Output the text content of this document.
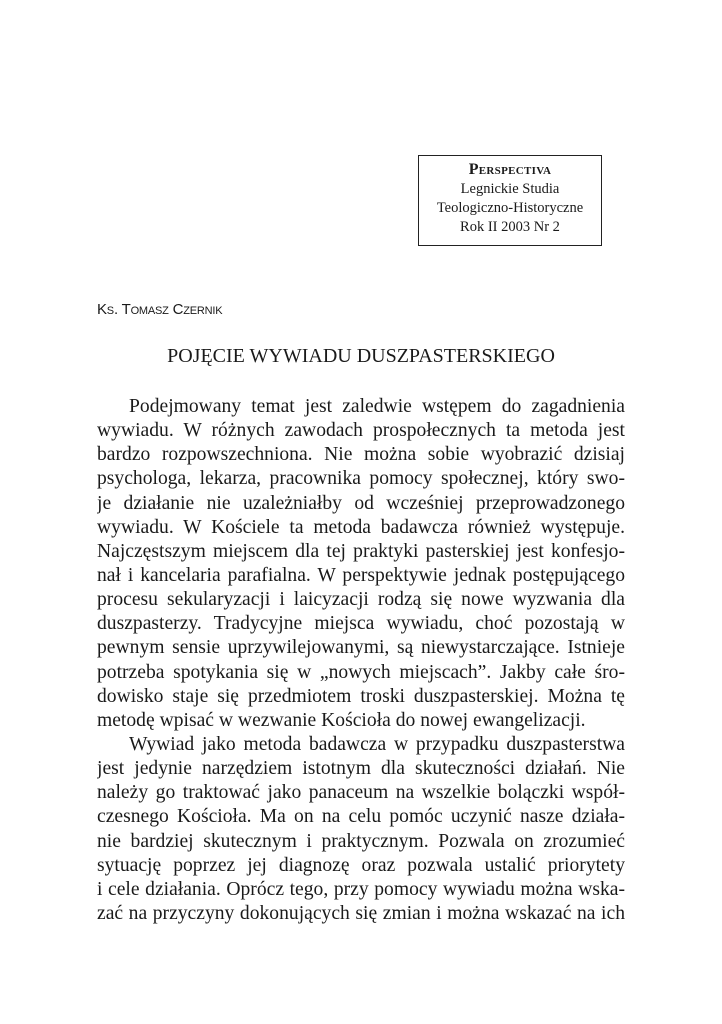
Perspectiva
Legnickie Studia
Teologiczno-Historyczne
Rok II 2003 Nr 2
Ks. Tomasz Czernik
POJĘCIE WYWIADU DUSZPASTERSKIEGO
Podejmowany temat jest zaledwie wstępem do zagadnienia
wywiadu. W różnych zawodach prospołecznych ta metoda jest
bardzo rozpowszechniona. Nie można sobie wyobrazić dzisiaj
psychologa, lekarza, pracownika pomocy społecznej, który swo-
je działanie nie uzależniałby od wcześniej przeprowadzonego
wywiadu. W Kościele ta metoda badawcza również występuje.
Najczęstszym miejscem dla tej praktyki pasterskiej jest konfesjo-
nał i kancelaria parafialna. W perspektywie jednak postępującego
procesu sekularyzacji i laicyzacji rodzą się nowe wyzwania dla
duszpasterzy. Tradycyjne miejsca wywiadu, choć pozostają w
pewnym sensie uprzywilejowanymi, są niewystarczające. Istnieje
potrzeba spotykania się w „nowych miejscach”. Jakby całe śro-
dowisko staje się przedmiotem troski duszpasterskiej. Można tę
metodę wpisać w wezwanie Kościoła do nowej ewangelizacji.
Wywiad jako metoda badawcza w przypadku duszpasterstwa
jest jedynie narzędziem istotnym dla skuteczności działań. Nie
należy go traktować jako panaceum na wszelkie bolączki współ-
czesnego Kościoła. Ma on na celu pomóc uczynić nasze działa-
nie bardziej skutecznym i praktycznym. Pozwala on zrozumieć
sytuację poprzez jej diagnozę oraz pozwala ustalić priorytety
i cele działania. Oprócz tego, przy pomocy wywiadu można wska-
zać na przyczyny dokonujących się zmian i można wskazać na ich
